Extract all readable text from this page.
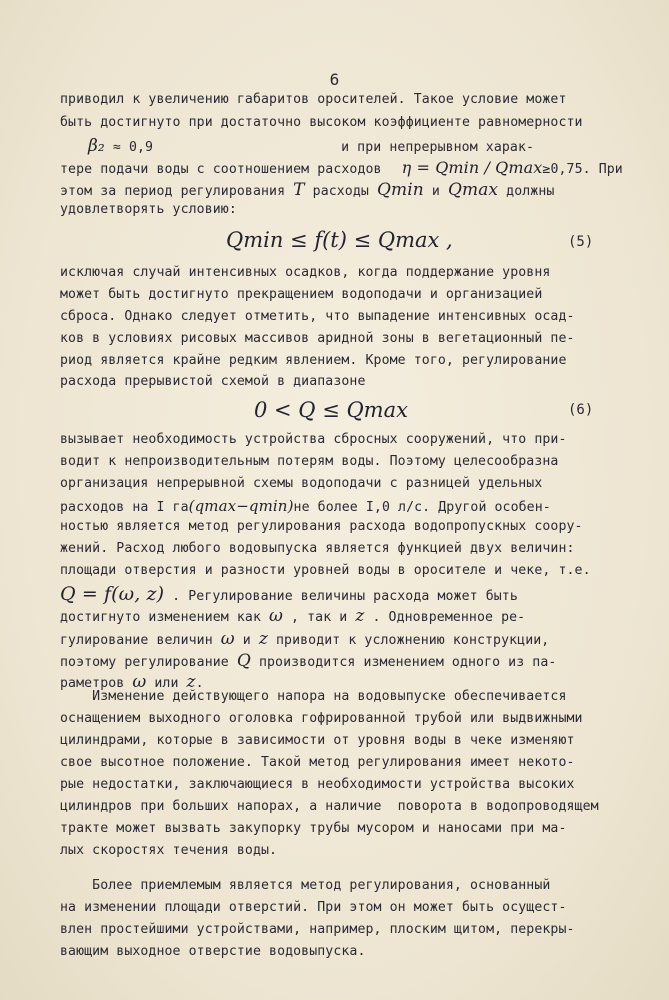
6
приводил к увеличению габаритов оросителей. Такое условие может
быть достигнуто при достаточно высоком коэффициенте равномерности
β₂ ≈ 0,9	и при непрерывном харак-
тере подачи воды с соотношением расходов η = Qmin / Qmax≥0,75. При
этом за период регулирования T расходы Qmin и Qmax должны
удовлетворять условию:
Qmin ≤ f(t) ≤ Qmax ,	(5)
исключая случай интенсивных осадков, когда поддержание уровня
может быть достигнуто прекращением водоподачи и организацией
сброса. Однако следует отметить, что выпадение интенсивных осад-
ков в условиях рисовых массивов аридной зоны в вегетационный пе-
риод является крайне редким явлением. Кроме того, регулирование
расхода прерывистой схемой в диапазоне
0 < Q ≤ Qmax	(6)
вызывает необходимость устройства сбросных сооружений, что при-
водит к непроизводительным потерям воды. Поэтому целесообразна
организация непрерывной схемы водоподачи с разницей удельных
расходов на I га(qmax−qmin)не более I,0 л/с. Другой особен-
ностью является метод регулирования расхода водопропускных соору-
жений. Расход любого водовыпуска является функцией двух величин:
площади отверстия и разности уровней воды в оросителе и чеке, т.е.
Q = f(ω, z) . Регулирование величины расхода может быть
достигнуто изменением как ω , так и z . Одновременное ре-
гулирование величин ω и z приводит к усложнению конструкции,
поэтому регулирование Q производится изменением одного из па-
раметров ω или z.
Изменение действующего напора на водовыпуске обеспечивается
оснащением выходного оголовка гофрированной трубой или выдвижными
цилиндрами, которые в зависимости от уровня воды в чеке изменяют
свое высотное положение. Такой метод регулирования имеет некото-
рые недостатки, заключающиеся в необходимости устройства высоких
цилиндров при больших напорах, а наличие  поворота в водопроводящем
тракте может вызвать закупорку трубы мусором и наносами при ма-
лых скоростях течения воды.
Более приемлемым является метод регулирования, основанный
на изменении площади отверстий. При этом он может быть осущест-
влен простейшими устройствами, например, плоским щитом, перекры-
вающим выходное отверстие водовыпуска.
